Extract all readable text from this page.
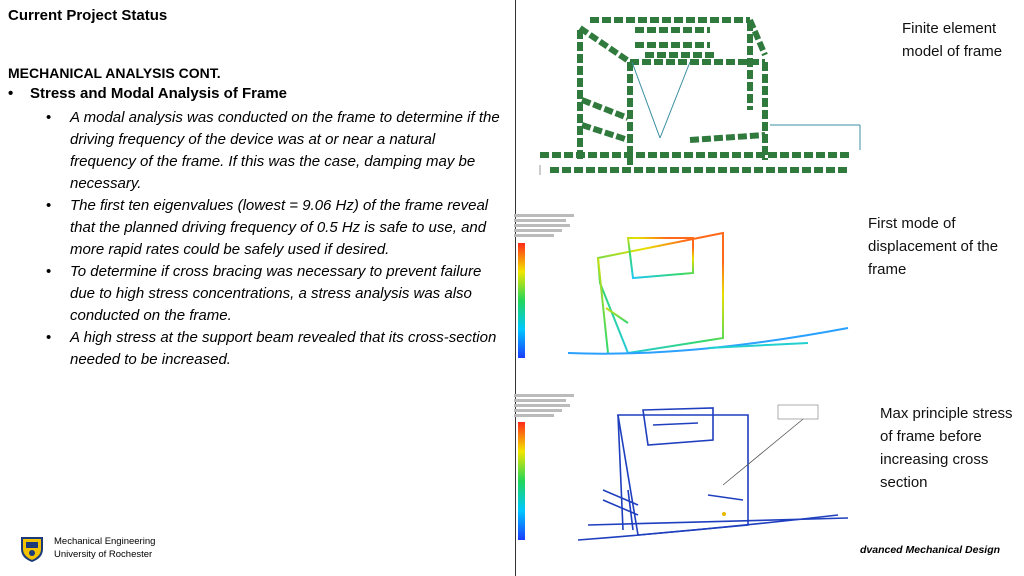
Current Project Status
MECHANICAL ANALYSIS CONT.
•	Stress and Modal Analysis of Frame
• A modal analysis was conducted on the frame to determine if the driving frequency of the device was at or near a natural frequency of the frame. If this was the case, damping may be necessary.
• The first ten eigenvalues (lowest = 9.06 Hz) of the frame reveal that the planned driving frequency of 0.5 Hz is safe to use, and more rapid rates could be safely used if desired.
• To determine if cross bracing was necessary to prevent failure due to high stress concentrations, a stress analysis was also conducted on the frame.
• A high stress at the support beam revealed that its cross-section needed to be increased.
Mechanical Engineering
University of Rochester
Finite element model of frame
First mode of displacement of the frame
Max principle stress of frame before increasing cross section
dvanced Mechanical Design
